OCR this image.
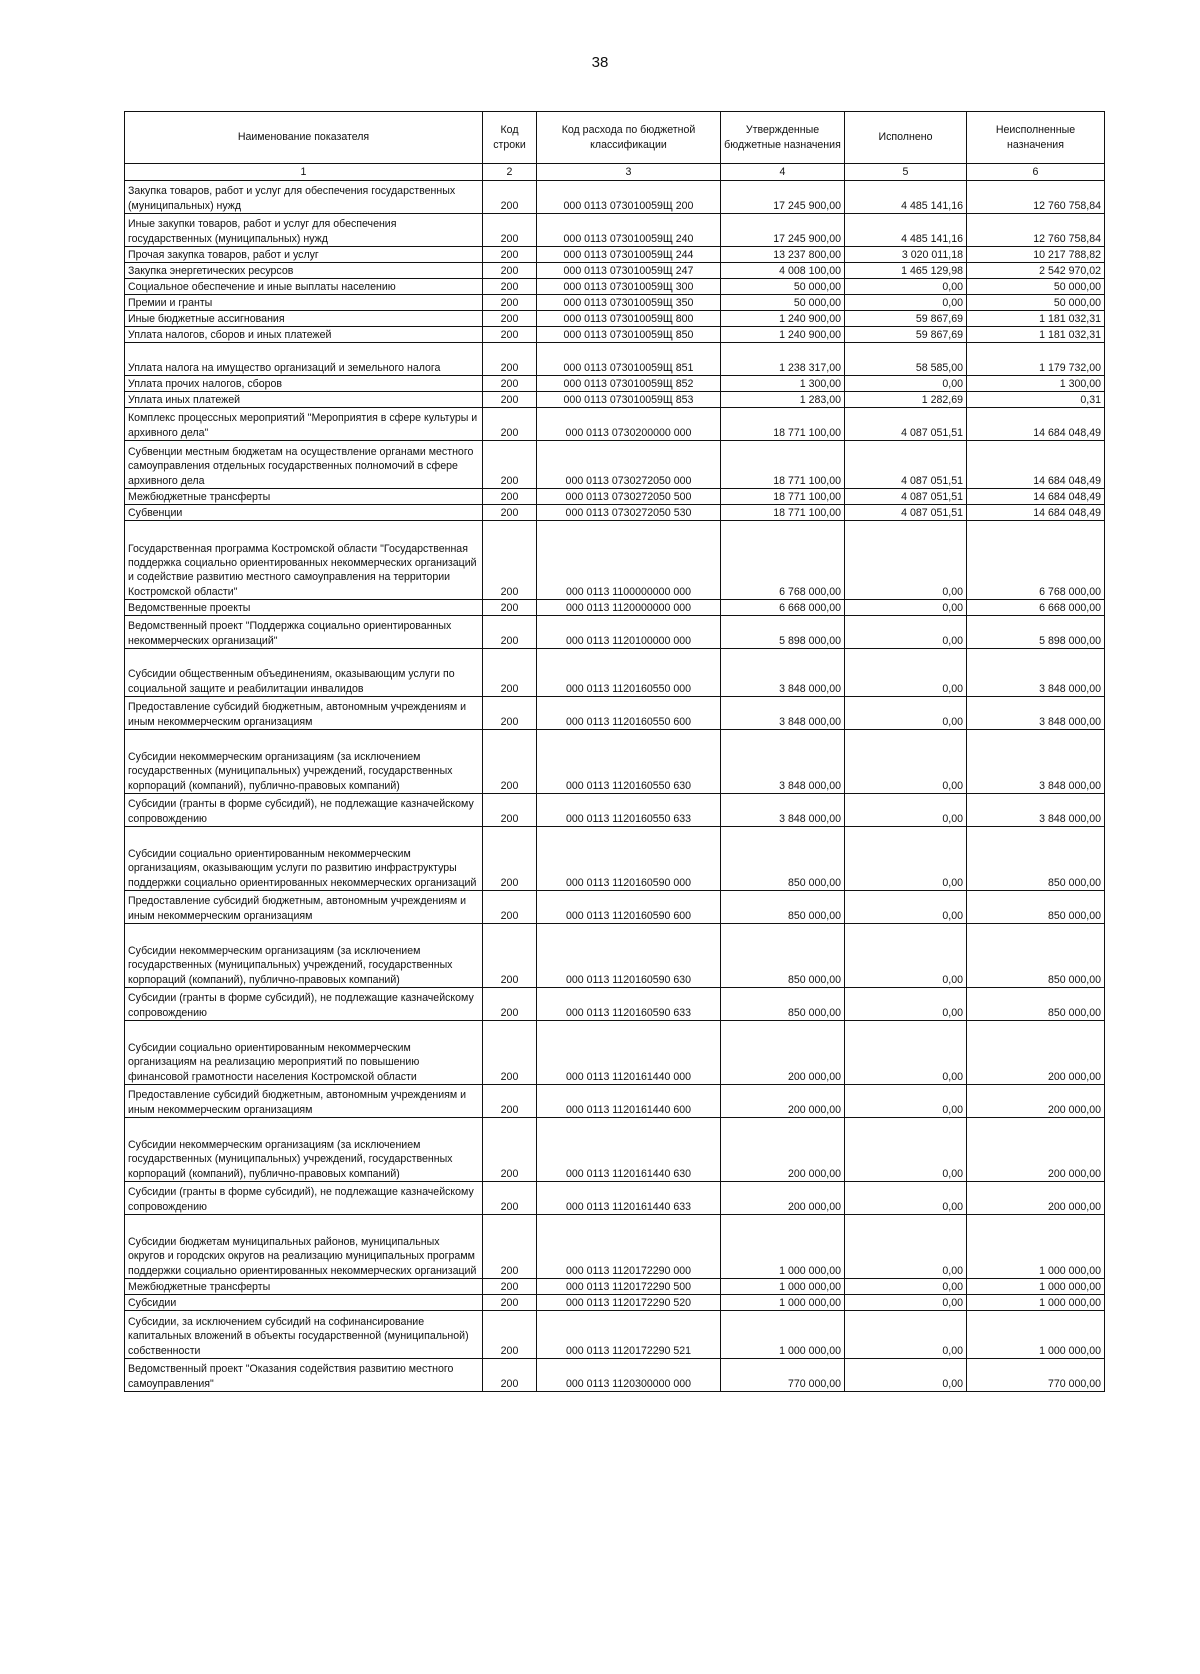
38
Наименование показателя	Код строки	Код расхода по бюджетной классификации	Утвержденные бюджетные назначения	Исполнено	Неисполненные назначения
1	2	3	4	5	6
Закупка товаров, работ и услуг для обеспечения государственных (муниципальных) нужд	200	000 0113 073010059Щ 200	17 245 900,00	4 485 141,16	12 760 758,84
Иные закупки товаров, работ и услуг для обеспечения государственных (муниципальных) нужд	200	000 0113 073010059Щ 240	17 245 900,00	4 485 141,16	12 760 758,84
Прочая закупка товаров, работ и услуг	200	000 0113 073010059Щ 244	13 237 800,00	3 020 011,18	10 217 788,82
Закупка энергетических ресурсов	200	000 0113 073010059Щ 247	4 008 100,00	1 465 129,98	2 542 970,02
Социальное обеспечение и иные выплаты населению	200	000 0113 073010059Щ 300	50 000,00	0,00	50 000,00
Премии и гранты	200	000 0113 073010059Щ 350	50 000,00	0,00	50 000,00
Иные бюджетные ассигнования	200	000 0113 073010059Щ 800	1 240 900,00	59 867,69	1 181 032,31
Уплата налогов, сборов и иных платежей	200	000 0113 073010059Щ 850	1 240 900,00	59 867,69	1 181 032,31
Уплата налога на имущество организаций и земельного налога	200	000 0113 073010059Щ 851	1 238 317,00	58 585,00	1 179 732,00
Уплата прочих налогов, сборов	200	000 0113 073010059Щ 852	1 300,00	0,00	1 300,00
Уплата иных платежей	200	000 0113 073010059Щ 853	1 283,00	1 282,69	0,31
Комплекс процессных мероприятий "Мероприятия в сфере культуры и архивного дела"	200	000 0113 0730200000 000	18 771 100,00	4 087 051,51	14 684 048,49
Субвенции местным бюджетам на осуществление органами местного самоуправления отдельных государственных полномочий в сфере архивного дела	200	000 0113 0730272050 000	18 771 100,00	4 087 051,51	14 684 048,49
Межбюджетные трансферты	200	000 0113 0730272050 500	18 771 100,00	4 087 051,51	14 684 048,49
Субвенции	200	000 0113 0730272050 530	18 771 100,00	4 087 051,51	14 684 048,49
Государственная программа Костромской области "Государственная поддержка социально ориентированных некоммерческих организаций и содействие развитию местного самоуправления на территории Костромской области"	200	000 0113 1100000000 000	6 768 000,00	0,00	6 768 000,00
Ведомственные проекты	200	000 0113 1120000000 000	6 668 000,00	0,00	6 668 000,00
Ведомственный проект "Поддержка социально ориентированных некоммерческих организаций"	200	000 0113 1120100000 000	5 898 000,00	0,00	5 898 000,00
Субсидии общественным объединениям, оказывающим услуги по социальной защите и реабилитации инвалидов	200	000 0113 1120160550 000	3 848 000,00	0,00	3 848 000,00
Предоставление субсидий бюджетным, автономным учреждениям и иным некоммерческим организациям	200	000 0113 1120160550 600	3 848 000,00	0,00	3 848 000,00
Субсидии некоммерческим организациям (за исключением государственных (муниципальных) учреждений, государственных корпораций (компаний), публично-правовых компаний)	200	000 0113 1120160550 630	3 848 000,00	0,00	3 848 000,00
Субсидии (гранты в форме субсидий), не подлежащие казначейскому сопровождению	200	000 0113 1120160550 633	3 848 000,00	0,00	3 848 000,00
Субсидии социально ориентированным некоммерческим организациям, оказывающим услуги по развитию инфраструктуры поддержки социально ориентированных некоммерческих организаций	200	000 0113 1120160590 000	850 000,00	0,00	850 000,00
Предоставление субсидий бюджетным, автономным учреждениям и иным некоммерческим организациям	200	000 0113 1120160590 600	850 000,00	0,00	850 000,00
Субсидии некоммерческим организациям (за исключением государственных (муниципальных) учреждений, государственных корпораций (компаний), публично-правовых компаний)	200	000 0113 1120160590 630	850 000,00	0,00	850 000,00
Субсидии (гранты в форме субсидий), не подлежащие казначейскому сопровождению	200	000 0113 1120160590 633	850 000,00	0,00	850 000,00
Субсидии социально ориентированным некоммерческим организациям на реализацию мероприятий по повышению финансовой грамотности населения Костромской области	200	000 0113 1120161440 000	200 000,00	0,00	200 000,00
Предоставление субсидий бюджетным, автономным учреждениям и иным некоммерческим организациям	200	000 0113 1120161440 600	200 000,00	0,00	200 000,00
Субсидии некоммерческим организациям (за исключением государственных (муниципальных) учреждений, государственных корпораций (компаний), публично-правовых компаний)	200	000 0113 1120161440 630	200 000,00	0,00	200 000,00
Субсидии (гранты в форме субсидий), не подлежащие казначейскому сопровождению	200	000 0113 1120161440 633	200 000,00	0,00	200 000,00
Субсидии бюджетам муниципальных районов, муниципальных округов и городских округов на реализацию муниципальных программ поддержки социально ориентированных некоммерческих организаций	200	000 0113 1120172290 000	1 000 000,00	0,00	1 000 000,00
Межбюджетные трансферты	200	000 0113 1120172290 500	1 000 000,00	0,00	1 000 000,00
Субсидии	200	000 0113 1120172290 520	1 000 000,00	0,00	1 000 000,00
Субсидии, за исключением субсидий на софинансирование капитальных вложений в объекты государственной (муниципальной) собственности	200	000 0113 1120172290 521	1 000 000,00	0,00	1 000 000,00
Ведомственный проект "Оказания содействия развитию местного самоуправления"	200	000 0113 1120300000 000	770 000,00	0,00	770 000,00
